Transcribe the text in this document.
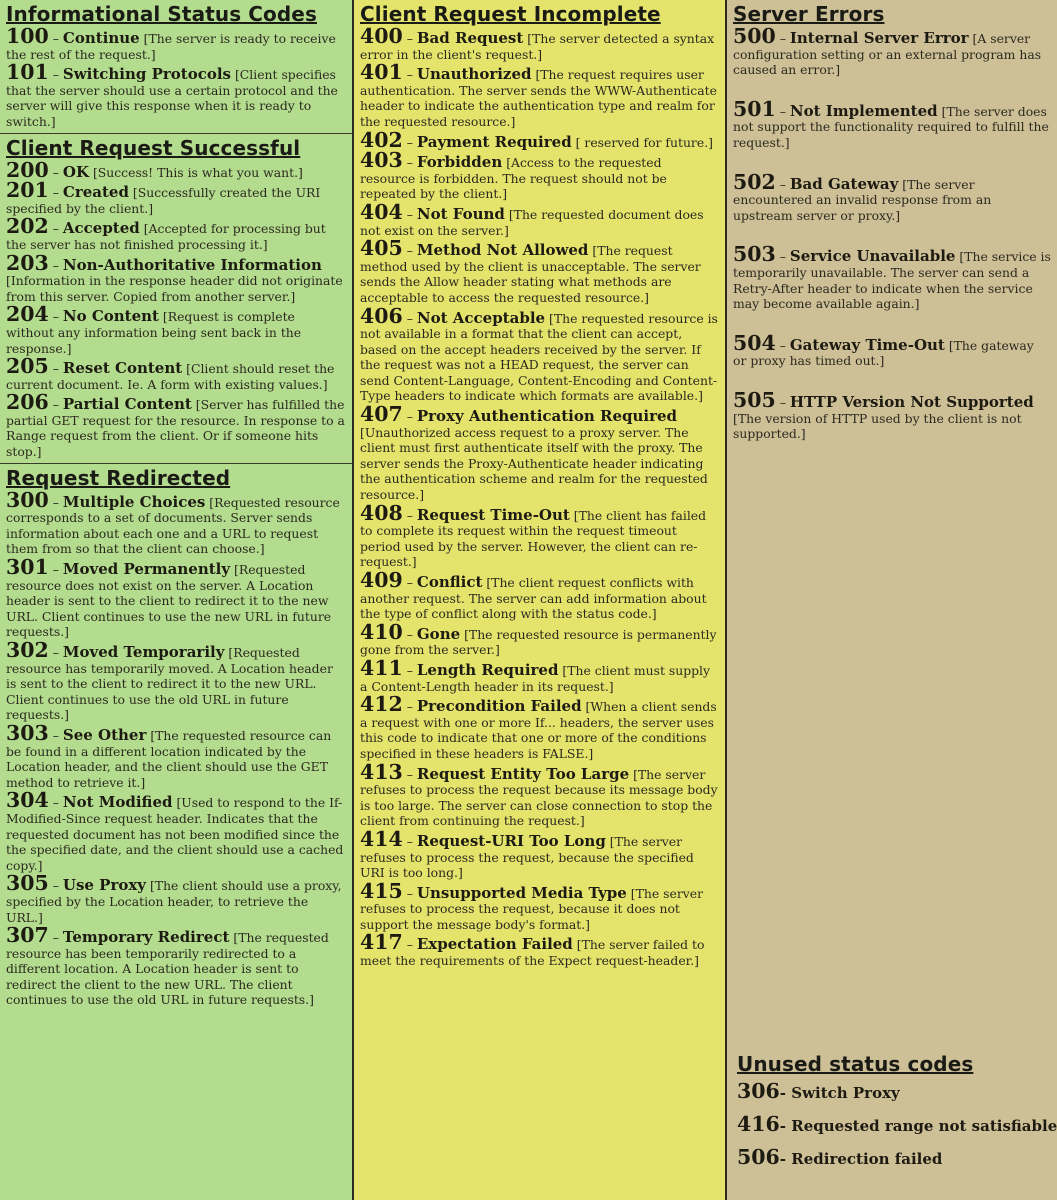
Informational Status Codes
100 – Continue [The server is ready to receive the rest of the request.]
101 – Switching Protocols [Client specifies that the server should use a certain protocol and the server will give this response when it is ready to switch.]
Client Request Successful
200 – OK [Success! This is what you want.]
201 – Created [Successfully created the URI specified by the client.]
202 – Accepted [Accepted for processing but the server has not finished processing it.]
203 – Non-Authoritative Information [Information in the response header did not originate from this server. Copied from another server.]
204 – No Content [Request is complete without any information being sent back in the response.]
205 – Reset Content [Client should reset the current document. Ie. A form with existing values.]
206 – Partial Content [Server has fulfilled the partial GET request for the resource. In response to a Range request from the client. Or if someone hits stop.]
Request Redirected
300 – Multiple Choices [Requested resource corresponds to a set of documents. Server sends information about each one and a URL to request them from so that the client can choose.]
301 – Moved Permanently [Requested resource does not exist on the server. A Location header is sent to the client to redirect it to the new URL. Client continues to use the new URL in future requests.]
302 – Moved Temporarily [Requested resource has temporarily moved. A Location header is sent to the client to redirect it to the new URL. Client continues to use the old URL in future requests.]
303 – See Other [The requested resource can be found in a different location indicated by the Location header, and the client should use the GET method to retrieve it.]
304 – Not Modified [Used to respond to the If-Modified-Since request header. Indicates that the requested document has not been modified since the the specified date, and the client should use a cached copy.]
305 – Use Proxy [The client should use a proxy, specified by the Location header, to retrieve the URL.]
307 – Temporary Redirect [The requested resource has been temporarily redirected to a different location. A Location header is sent to redirect the client to the new URL. The client continues to use the old URL in future requests.]
Client Request Incomplete
400 – Bad Request [The server detected a syntax error in the client's request.]
401 – Unauthorized [The request requires user authentication. The server sends the WWW-Authenticate header to indicate the authentication type and realm for the requested resource.]
402 – Payment Required [ reserved for future.]
403 – Forbidden [Access to the requested resource is forbidden. The request should not be repeated by the client.]
404 – Not Found [The requested document does not exist on the server.]
405 – Method Not Allowed [The request method used by the client is unacceptable. The server sends the Allow header stating what methods are acceptable to access the requested resource.]
406 – Not Acceptable [The requested resource is not available in a format that the client can accept, based on the accept headers received by the server. If the request was not a HEAD request, the server can send Content-Language, Content-Encoding and Content-Type headers to indicate which formats are available.]
407 – Proxy Authentication Required [Unauthorized access request to a proxy server. The client must first authenticate itself with the proxy. The server sends the Proxy-Authenticate header indicating the authentication scheme and realm for the requested resource.]
408 – Request Time-Out [The client has failed to complete its request within the request timeout period used by the server. However, the client can re-request.]
409 – Conflict [The client request conflicts with another request. The server can add information about the type of conflict along with the status code.]
410 – Gone [The requested resource is permanently gone from the server.]
411 – Length Required [The client must supply a Content-Length header in its request.]
412 – Precondition Failed [When a client sends a request with one or more If... headers, the server uses this code to indicate that one or more of the conditions specified in these headers is FALSE.]
413 – Request Entity Too Large [The server refuses to process the request because its message body is too large. The server can close connection to stop the client from continuing the request.]
414 – Request-URI Too Long [The server refuses to process the request, because the specified URI is too long.]
415 – Unsupported Media Type [The server refuses to process the request, because it does not support the message body's format.]
417 – Expectation Failed [The server failed to meet the requirements of the Expect request-header.]
Server Errors
500 – Internal Server Error [A server configuration setting or an external program has caused an error.]
501 – Not Implemented [The server does not support the functionality required to fulfill the request.]
502 – Bad Gateway [The server encountered an invalid response from an upstream server or proxy.]
503 – Service Unavailable [The service is temporarily unavailable. The server can send a Retry-After header to indicate when the service may become available again.]
504 – Gateway Time-Out [The gateway or proxy has timed out.]
505 – HTTP Version Not Supported [The version of HTTP used by the client is not supported.]
Unused status codes
306- Switch Proxy
416- Requested range not satisfiable
506- Redirection failed
